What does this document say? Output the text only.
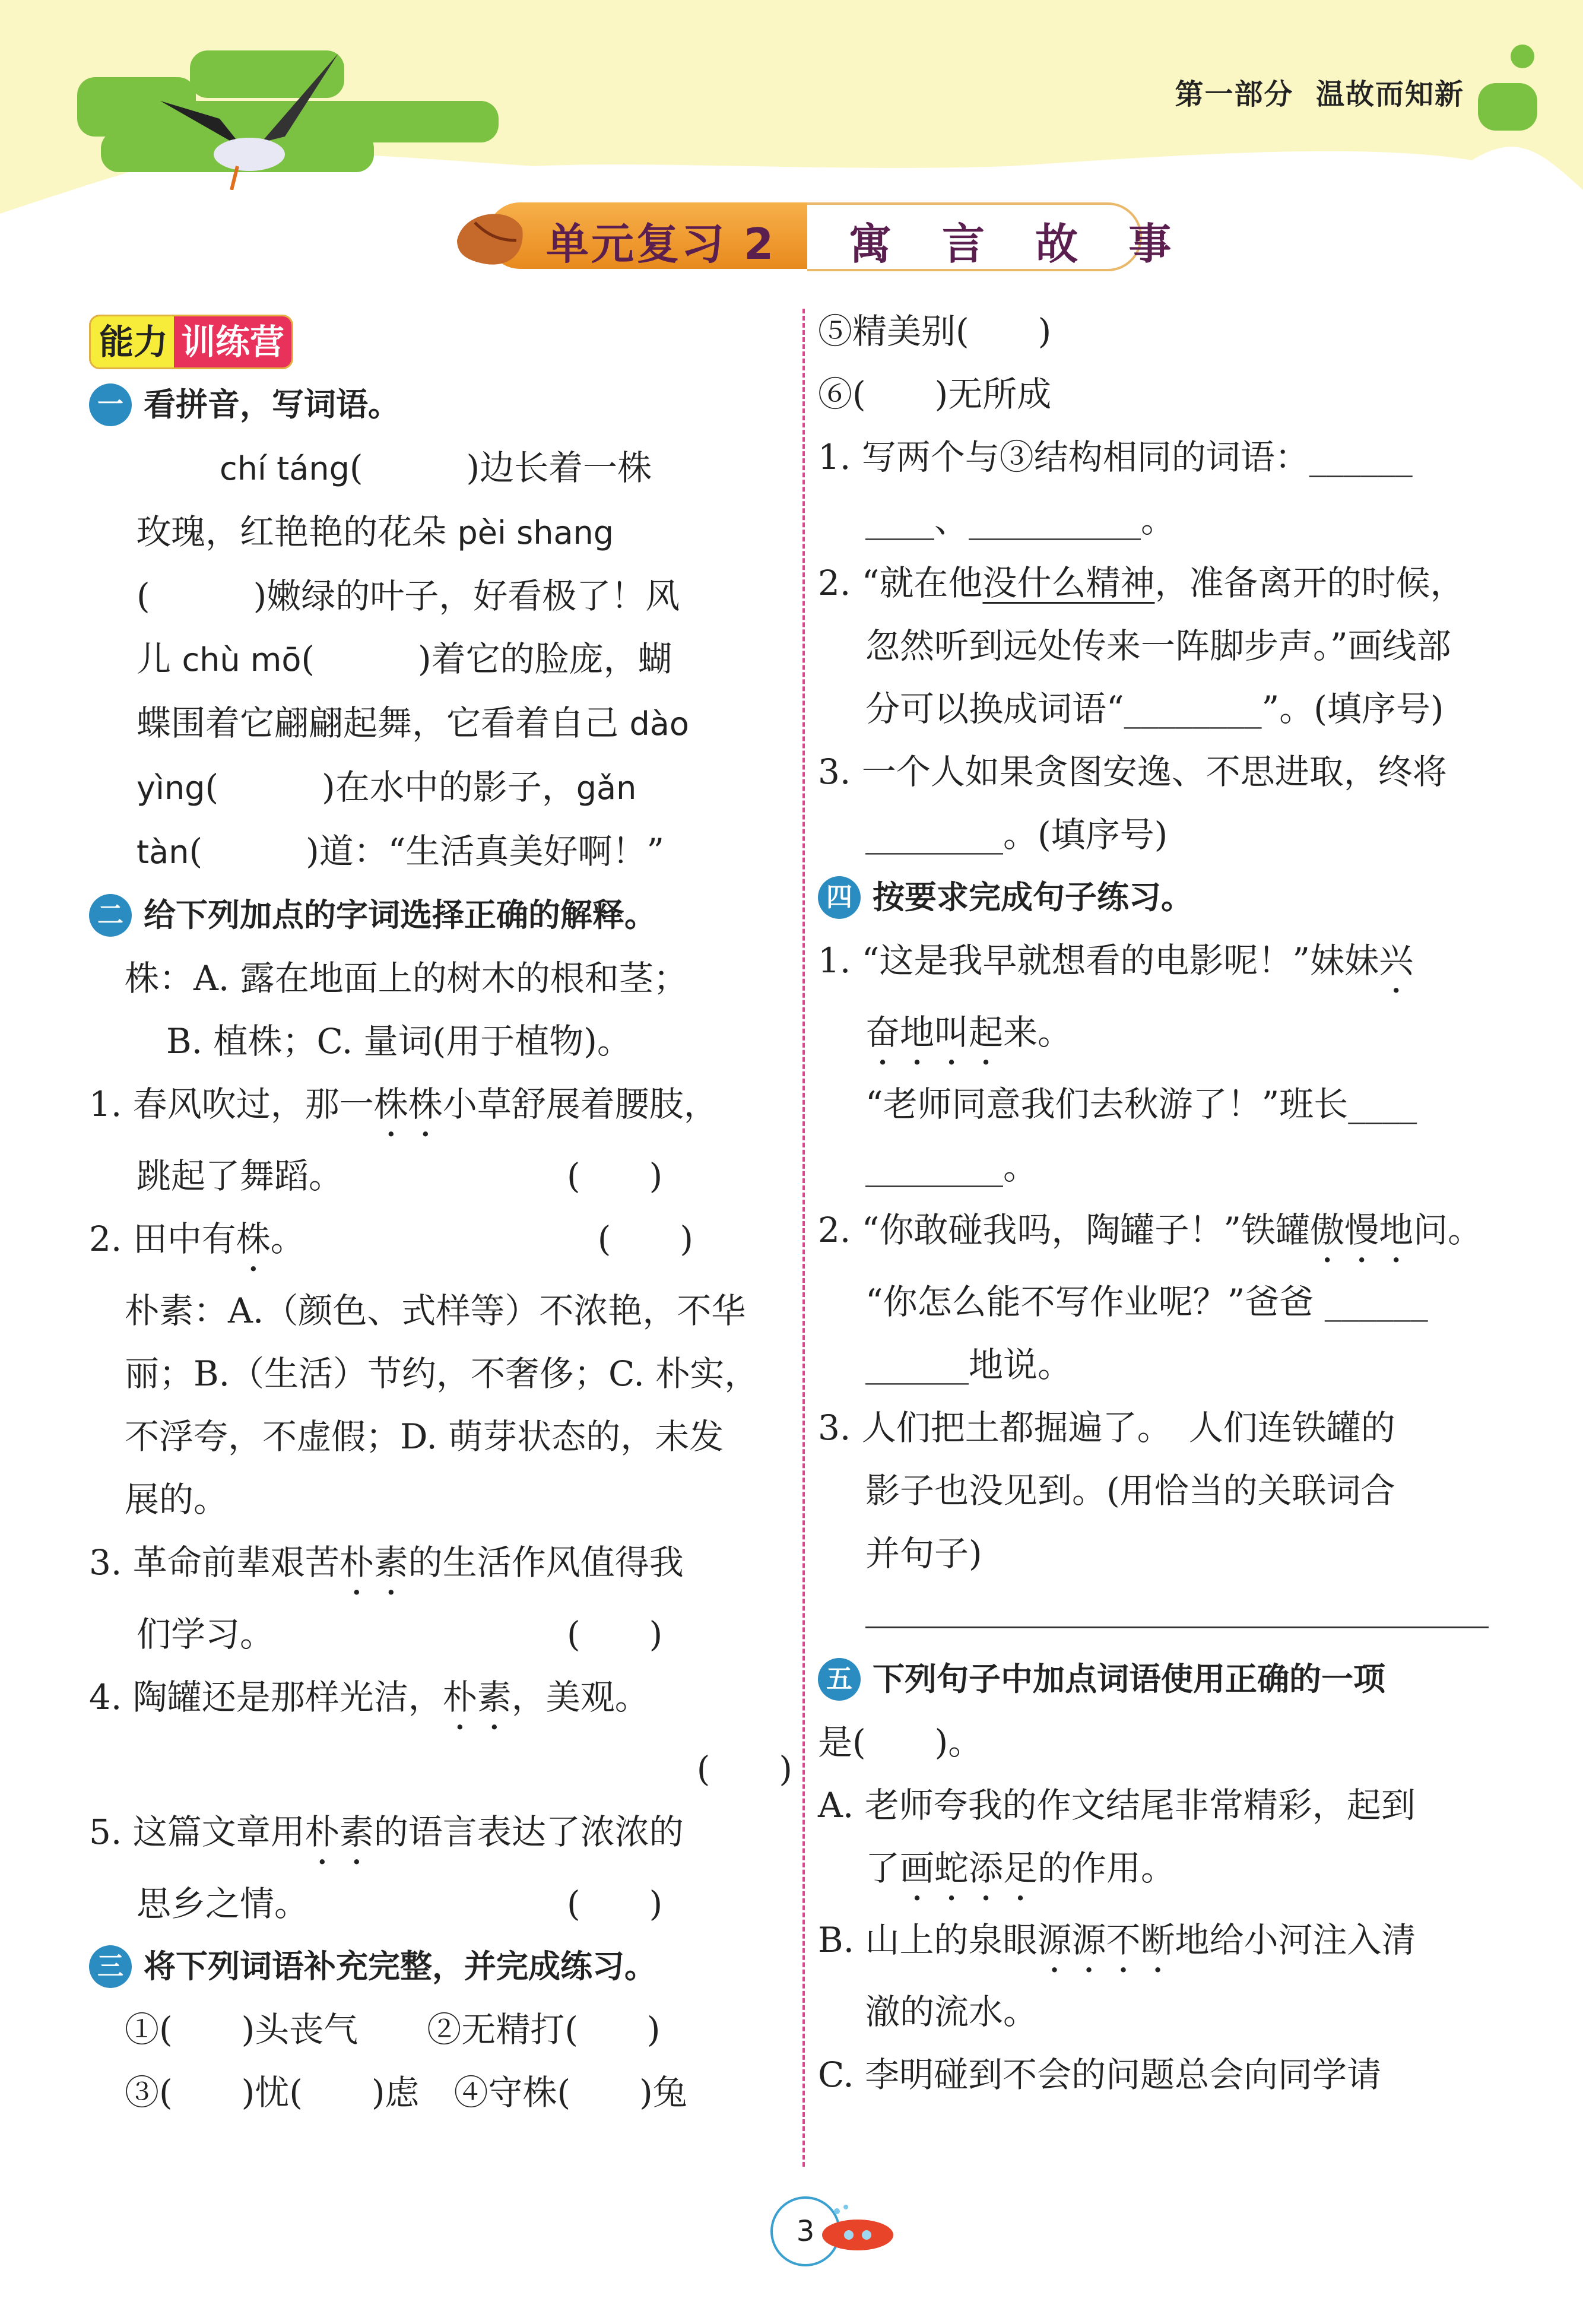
第一部分 温故而知新
单元复习 2 寓 言 故 事
能力 训练营
一 看拼音，写词语。
chí táng(　　　)边长着一株
玫瑰，红艳艳的花朵 pèi shang
(　　　)嫩绿的叶子，好看极了！风
儿 chù mō(　　　)着它的脸庞，蝴
蝶围着它翩翩起舞，它看着自己 dào
yìng(　　　)在水中的影子，gǎn
tàn(　　　)道：“生活真美好啊！”
二 给下列加点的字词选择正确的解释。
株：A. 露在地面上的树木的根和茎；
B. 植株；C. 量词(用于植物)。
1. 春风吹过，那一株株小草舒展着腰肢，
跳起了舞蹈。　　　　　　　(　　)
2. 田中有株。　　　　　　　　　(　　)
朴素：A.（颜色、式样等）不浓艳，不华
丽；B.（生活）节约，不奢侈；C. 朴实，
不浮夸，不虚假；D. 萌芽状态的，未发
展的。
3. 革命前辈艰苦朴素的生活作风值得我
们学习。　　　　　　　　　(　　)
4. 陶罐还是那样光洁，朴素，美观。
(　　)
5. 这篇文章用朴素的语言表达了浓浓的
思乡之情。　　　　　　　　(　　)
三 将下列词语补充完整，并完成练习。
①(　　)头丧气　　②无精打(　　)
③(　　)忧(　　)虑　④守株(　　)兔
⑤精美别(　　)
⑥(　　)无所成
1. 写两个与③结构相同的词语：______
____、__________。
2. “就在他没什么精神，准备离开的时候，
忽然听到远处传来一阵脚步声。”画线部
分可以换成词语“________”。(填序号)
3. 一个人如果贪图安逸、不思进取，终将
________。(填序号)
四 按要求完成句子练习。
1. “这是我早就想看的电影呢！”妹妹兴
奋地叫起来。
“老师同意我们去秋游了！”班长____
________。
2. “你敢碰我吗，陶罐子！”铁罐傲慢地问。
“你怎么能不写作业呢？”爸爸 ______
______地说。
3. 人们把土都掘遍了。　人们连铁罐的
影子也没见到。(用恰当的关联词合
并句子)
五 下列句子中加点词语使用正确的一项
是(　　)。
A. 老师夸我的作文结尾非常精彩，起到
了画蛇添足的作用。
B. 山上的泉眼源源不断地给小河注入清
澈的流水。
C. 李明碰到不会的问题总会向同学请
3
